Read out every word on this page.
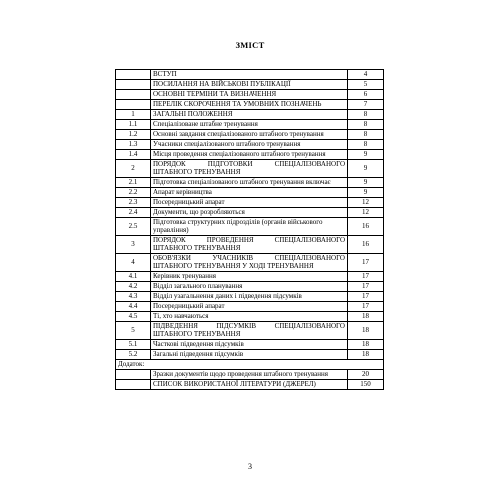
ЗМІСТ
	ВСТУП	4
	ПОСИЛАННЯ НА ВІЙСЬКОВІ ПУБЛІКАЦІЇ	5
	ОСНОВНІ ТЕРМІНИ ТА ВИЗНАЧЕННЯ	6
	ПЕРЕЛІК СКОРОЧЕННЯ ТА УМОВНИХ ПОЗНАЧЕНЬ	7
1	ЗАГАЛЬНІ ПОЛОЖЕННЯ	8
1.1	Спеціалізоване штабне тренування	8
1.2	Основні завдання спеціалізованого штабного тренування	8
1.3	Учасники спеціалізованого штабного тренування	8
1.4	Місця проведення спеціалізованого штабного тренування	9
2	ПОРЯДОК ПІДГОТОВКИ СПЕЦІАЛІЗОВАНОГО ШТАБНОГО ТРЕНУВАННЯ	9
2.1	Підготовка спеціалізованого штабного тренування включає	9
2.2	Апарат керівництва	9
2.3	Посередницький апарат	12
2.4	Документи, що розробляються	12
2.5	Підготовка структурних підрозділів (органів військового управління)	16
3	ПОРЯДОК ПРОВЕДЕННЯ СПЕЦІАЛІЗОВАНОГО ШТАБНОГО ТРЕНУВАННЯ	16
4	ОБОВ'ЯЗКИ УЧАСНИКІВ СПЕЦІАЛІЗОВАНОГО ШТАБНОГО ТРЕНУВАННЯ У ХОДІ ТРЕНУВАННЯ	17
4.1	Керівник тренування	17
4.2	Відділ загального планування	17
4.3	Відділ узагальнення даних і підведення підсумків	17
4.4	Посередницький апарат	17
4.5	Ті, хто навчаються	18
5	ПІДВЕДЕННЯ ПІДСУМКІВ СПЕЦІАЛІЗОВАНОГО ШТАБНОГО ТРЕНУВАННЯ	18
5.1	Часткові підведення підсумків	18
5.2	Загальні підведення підсумків	18
Додаток:		
	Зразки документів щодо проведення штабного тренування	20
	СПИСОК ВИКОРИСТАНОЇ ЛІТЕРАТУРИ (ДЖЕРЕЛ)	150
3
